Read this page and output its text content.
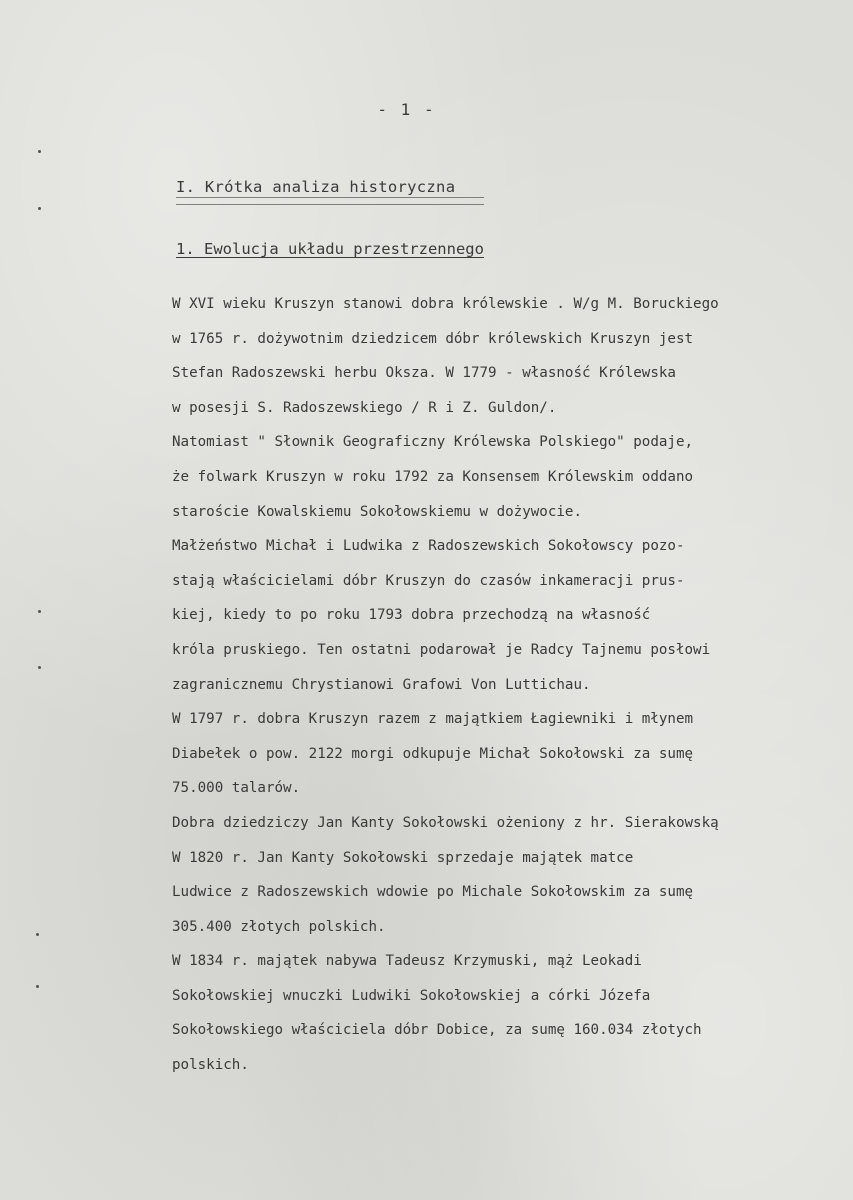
- 1 -
I. Krótka analiza historyczna
1. Ewolucja układu przestrzennego
W XVI wieku Kruszyn stanowi dobra królewskie . W/g M. Boruckiego
w 1765 r. dożywotnim dziedzicem dóbr królewskich Kruszyn jest
Stefan Radoszewski herbu Oksza. W 1779 - własność Królewska
w posesji S. Radoszewskiego / R i Z. Guldon/.
Natomiast " Słownik Geograficzny Królewska Polskiego" podaje,
że folwark Kruszyn w roku 1792 za Konsensem Królewskim oddano
staroście Kowalskiemu Sokołowskiemu w dożywocie.
Małżeństwo Michał i Ludwika z Radoszewskich Sokołowscy pozo-
stają właścicielami dóbr Kruszyn do czasów inkameracji prus-
kiej, kiedy to po roku 1793 dobra przechodzą na własność
króla pruskiego. Ten ostatni podarował je Radcy Tajnemu posłowi
zagranicznemu Chrystianowi Grafowi Von Luttichau.
W 1797 r. dobra Kruszyn razem z majątkiem Łagiewniki i młynem
Diabełek o pow. 2122 morgi odkupuje Michał Sokołowski za sumę
75.000 talarów.
Dobra dziedziczy Jan Kanty Sokołowski ożeniony z hr. Sierakowską
W 1820 r. Jan Kanty Sokołowski sprzedaje majątek matce
Ludwice z Radoszewskich wdowie po Michale Sokołowskim za sumę
305.400 złotych polskich.
W 1834 r. majątek nabywa Tadeusz Krzymuski, mąż Leokadi
Sokołowskiej wnuczki Ludwiki Sokołowskiej a córki Józefa
Sokołowskiego właściciela dóbr Dobice, za sumę 160.034 złotych
polskich.
